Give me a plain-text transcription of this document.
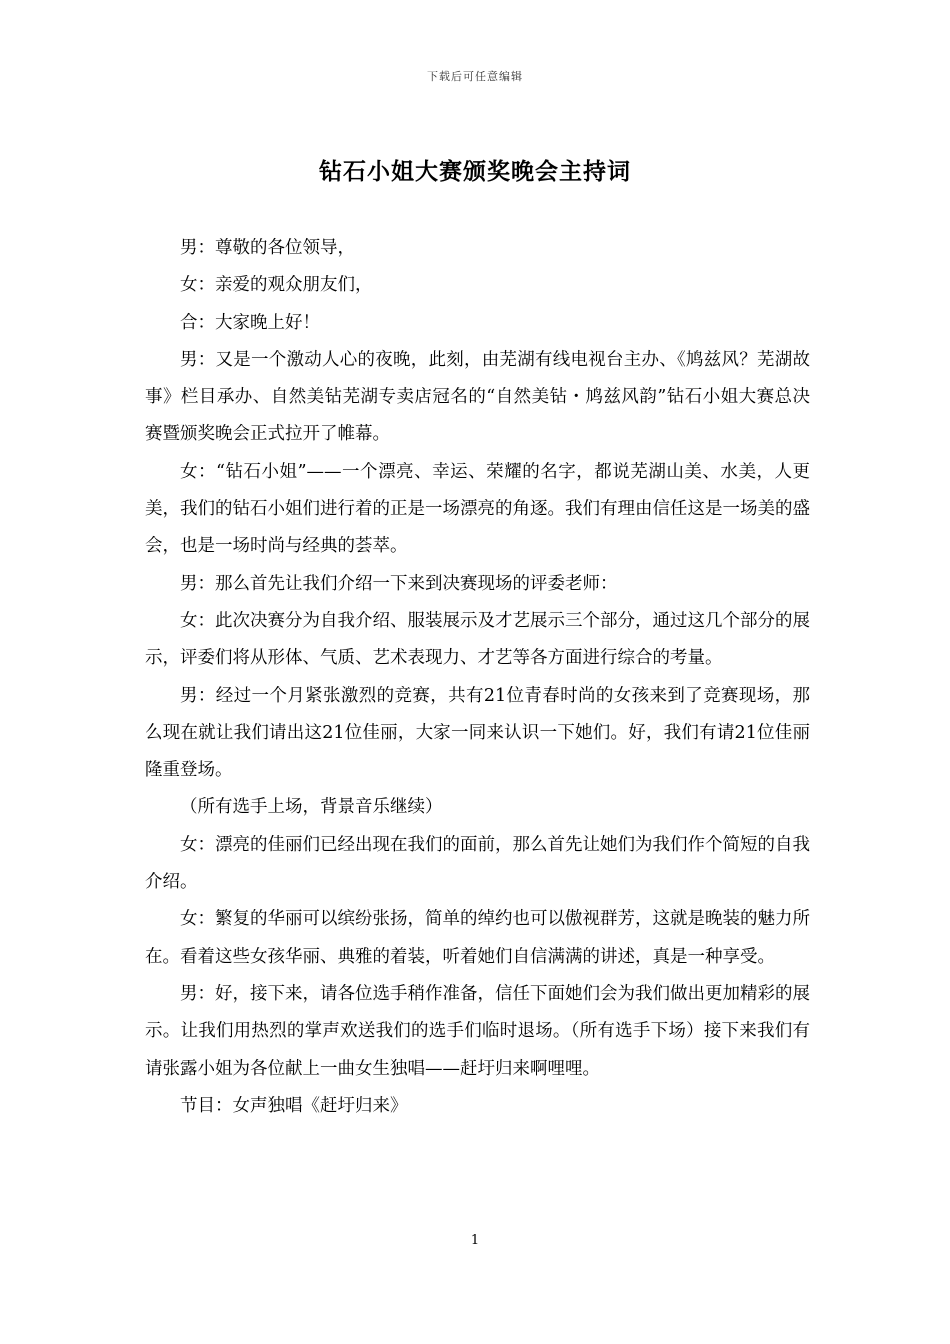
下载后可任意编辑
钻石小姐大赛颁奖晚会主持词

男：尊敬的各位领导，

女：亲爱的观众朋友们，

合：大家晚上好！

男：又是一个激动人心的夜晚，此刻，由芜湖有线电视台主办、《鸠兹风？芜湖故事》栏目承办、自然美钻芜湖专卖店冠名的“自然美钻・鸠兹风韵”钻石小姐大赛总决赛暨颁奖晚会正式拉开了帷幕。

女：“钻石小姐”——一个漂亮、幸运、荣耀的名字，都说芜湖山美、水美，人更美，我们的钻石小姐们进行着的正是一场漂亮的角逐。我们有理由信任这是一场美的盛会，也是一场时尚与经典的荟萃。

男：那么首先让我们介绍一下来到决赛现场的评委老师：

女：此次决赛分为自我介绍、服装展示及才艺展示三个部分，通过这几个部分的展示，评委们将从形体、气质、艺术表现力、才艺等各方面进行综合的考量。

男：经过一个月紧张激烈的竞赛，共有21位青春时尚的女孩来到了竞赛现场，那么现在就让我们请出这21位佳丽，大家一同来认识一下她们。好，我们有请21位佳丽隆重登场。

（所有选手上场，背景音乐继续）

女：漂亮的佳丽们已经出现在我们的面前，那么首先让她们为我们作个简短的自我介绍。

女：繁复的华丽可以缤纷张扬，简单的绰约也可以傲视群芳，这就是晚装的魅力所在。看着这些女孩华丽、典雅的着装，听着她们自信满满的讲述，真是一种享受。

男：好，接下来，请各位选手稍作准备，信任下面她们会为我们做出更加精彩的展示。让我们用热烈的掌声欢送我们的选手们临时退场。（所有选手下场）接下来我们有请张露小姐为各位献上一曲女生独唱——赶圩归来啊哩哩。

节目：女声独唱《赶圩归来》

1
